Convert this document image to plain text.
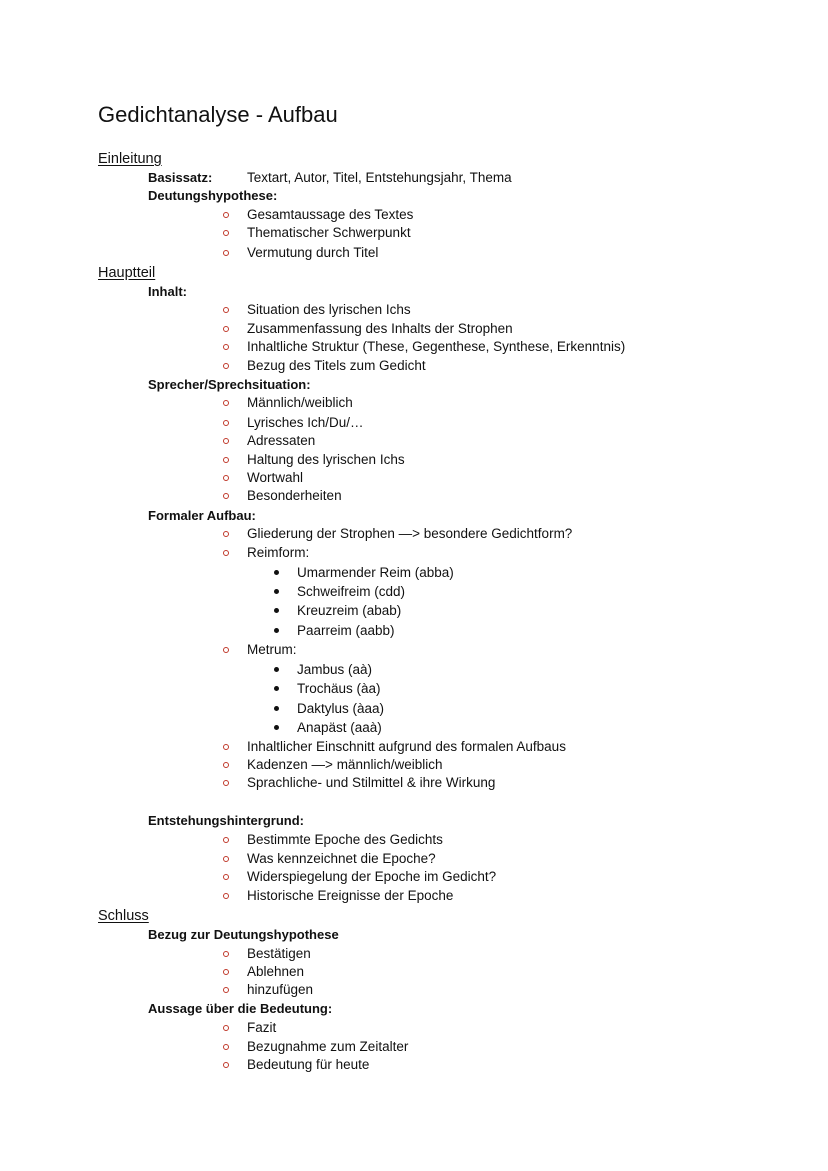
Gedichtanalyse - Aufbau
Einleitung
Basissatz:	Textart, Autor, Titel, Entstehungsjahr, Thema
Deutungshypothese:
Gesamtaussage des Textes
Thematischer Schwerpunkt
Vermutung durch Titel
Hauptteil
Inhalt:
Situation des lyrischen Ichs
Zusammenfassung des Inhalts der Strophen
Inhaltliche Struktur (These, Gegenthese, Synthese, Erkenntnis)
Bezug des Titels zum Gedicht
Sprecher/Sprechsituation:
Männlich/weiblich
Lyrisches Ich/Du/…
Adressaten
Haltung des lyrischen Ichs
Wortwahl
Besonderheiten
Formaler Aufbau:
Gliederung der Strophen —> besondere Gedichtform?
Reimform:
Umarmender Reim (abba)
Schweifreim (cdd)
Kreuzreim (abab)
Paarreim (aabb)
Metrum:
Jambus (aà)
Trochäus (àa)
Daktylus (àaa)
Anapäst (aaà)
Inhaltlicher Einschnitt aufgrund des formalen Aufbaus
Kadenzen —> männlich/weiblich
Sprachliche- und Stilmittel & ihre Wirkung
Entstehungshintergrund:
Bestimmte Epoche des Gedichts
Was kennzeichnet die Epoche?
Widerspiegelung der Epoche im Gedicht?
Historische Ereignisse der Epoche
Schluss
Bezug zur Deutungshypothese
Bestätigen
Ablehnen
hinzufügen
Aussage über die Bedeutung:
Fazit
Bezugnahme zum Zeitalter
Bedeutung für heute
